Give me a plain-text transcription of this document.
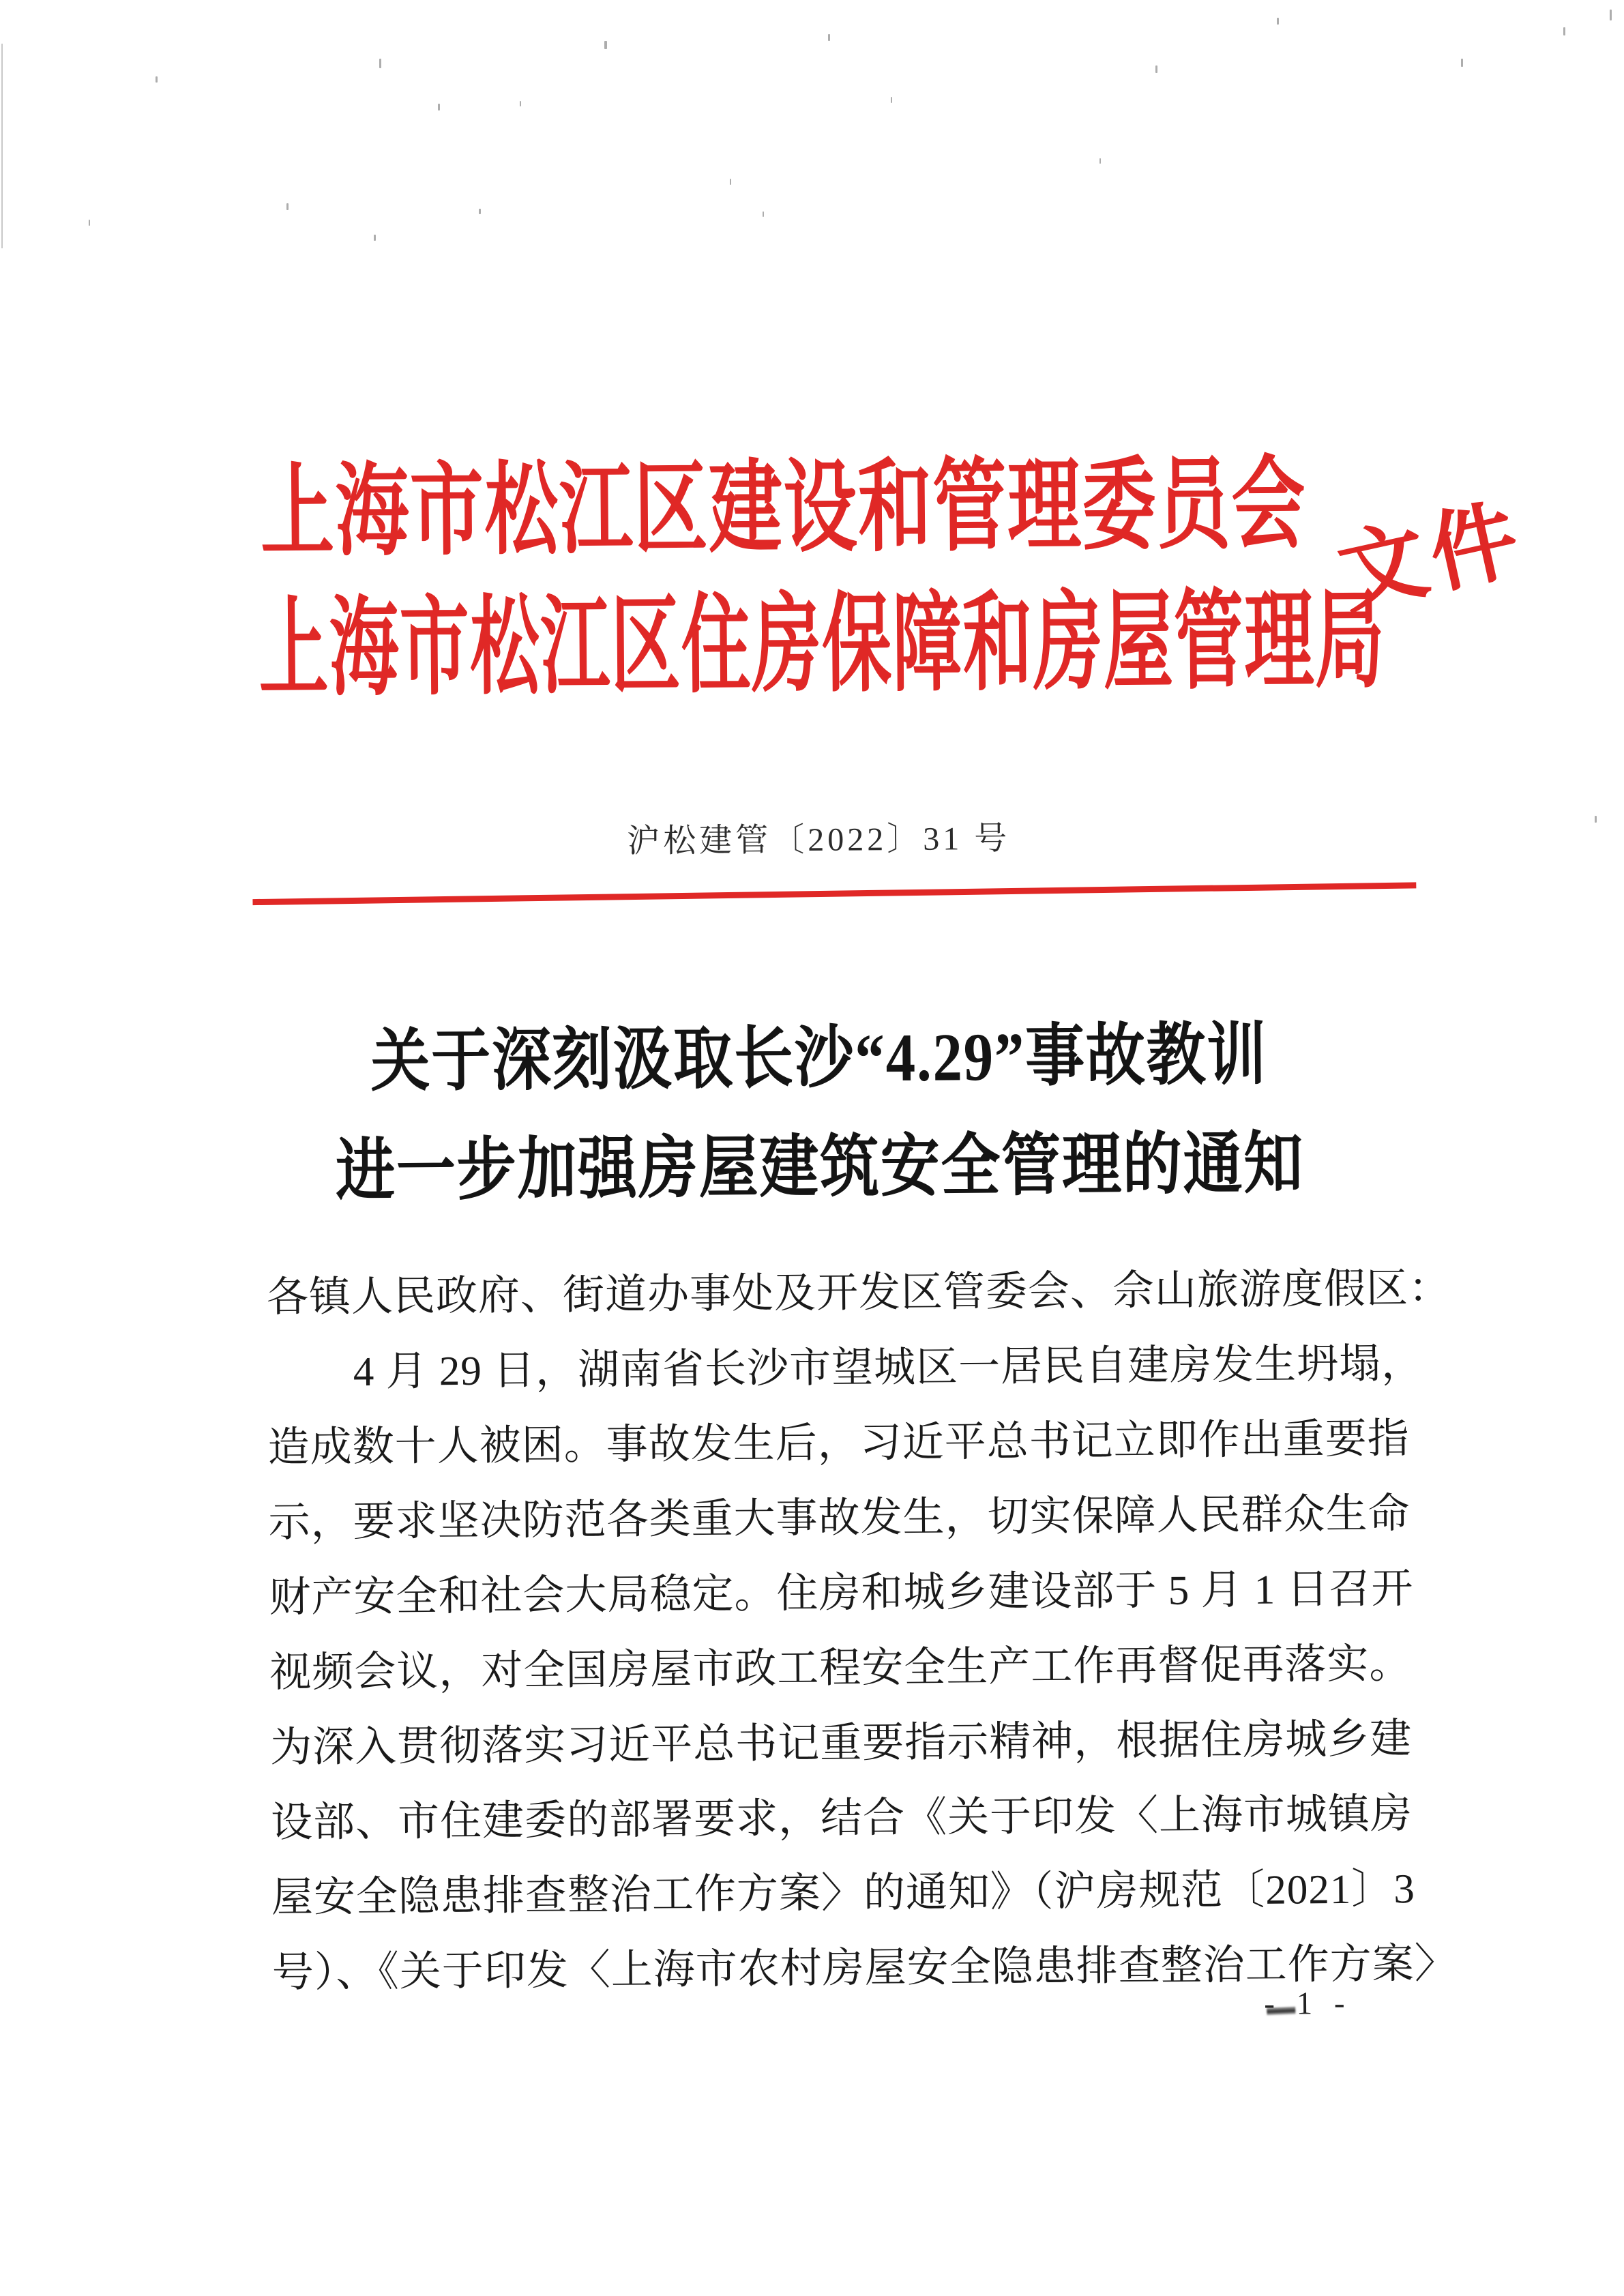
上海市松江区建设和管理委员会
上海市松江区住房保障和房屋管理局
文件
沪松建管〔2022〕31 号
关于深刻汲取长沙“4.29”事故教训
进一步加强房屋建筑安全管理的通知
各镇人民政府、街道办事处及开发区管委会、佘山旅游度假区：
4 月 29 日，湖南省长沙市望城区一居民自建房发生坍塌，
造成数十人被困。事故发生后，习近平总书记立即作出重要指
示，要求坚决防范各类重大事故发生，切实保障人民群众生命
财产安全和社会大局稳定。住房和城乡建设部于 5 月 1 日召开
视频会议，对全国房屋市政工程安全生产工作再督促再落实。
为深入贯彻落实习近平总书记重要指示精神，根据住房城乡建
设部、市住建委的部署要求，结合《关于印发〈上海市城镇房
屋安全隐患排查整治工作方案〉的通知》（沪房规范〔2021〕3
号）、《关于印发〈上海市农村房屋安全隐患排查整治工作方案〉
- 1 -
